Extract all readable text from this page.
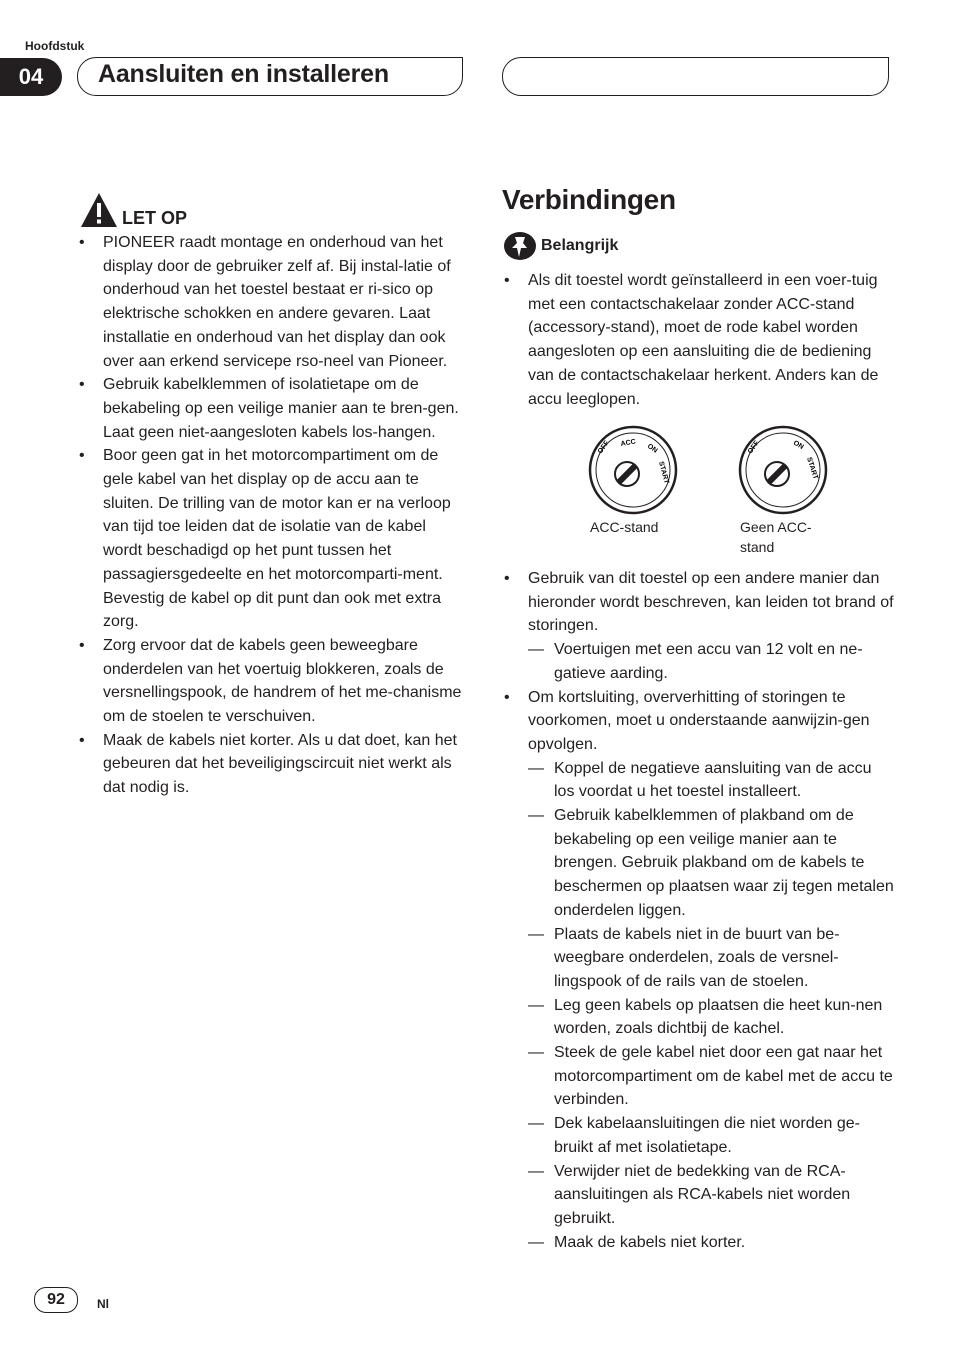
Hoofdstuk
04	Aansluiten en installeren
LET OP
•	PIONEER raadt montage en onderhoud van het display door de gebruiker zelf af. Bij instal-latie of onderhoud van het toestel bestaat er ri-sico op elektrische schokken en andere gevaren. Laat installatie en onderhoud van het display dan ook over aan erkend servicepe rso-neel van Pioneer.
•	Gebruik kabelklemmen of isolatietape om de bekabeling op een veilige manier aan te bren-gen. Laat geen niet-aangesloten kabels los-hangen.
•	Boor geen gat in het motorcompartiment om de gele kabel van het display op de accu aan te sluiten. De trilling van de motor kan er na verloop van tijd toe leiden dat de isolatie van de kabel wordt beschadigd op het punt tussen het passagiersgedeelte en het motorcomparti-ment. Bevestig de kabel op dit punt dan ook met extra zorg.
•	Zorg ervoor dat de kabels geen beweegbare onderdelen van het voertuig blokkeren, zoals de versnellingspook, de handrem of het me-chanisme om de stoelen te verschuiven.
•	Maak de kabels niet korter. Als u dat doet, kan het gebeuren dat het beveiligingscircuit niet werkt als dat nodig is.
Verbindingen
Belangrijk
•	Als dit toestel wordt geïnstalleerd in een voer-tuig met een contactschakelaar zonder ACC-stand (accessory-stand), moet de rode kabel worden aangesloten op een aansluiting die de bediening van de contactschakelaar herkent. Anders kan de accu leeglopen.
OFF ACC ON
START
OFF	ON
START
ACC-stand	Geen ACC-
stand
•	Gebruik van dit toestel op een andere manier dan hieronder wordt beschreven, kan leiden tot brand of storingen.
— Voertuigen met een accu van 12 volt en ne-gatieve aarding.
•	Om kortsluiting, oververhitting of storingen te voorkomen, moet u onderstaande aanwijzin-gen opvolgen.
— Koppel de negatieve aansluiting van de accu los voordat u het toestel installeert.
— Gebruik kabelklemmen of plakband om de bekabeling op een veilige manier aan te brengen. Gebruik plakband om de kabels te beschermen op plaatsen waar zij tegen metalen onderdelen liggen.
— Plaats de kabels niet in de buurt van be-weegbare onderdelen, zoals de versnel-lingspook of de rails van de stoelen.
— Leg geen kabels op plaatsen die heet kun-nen worden, zoals dichtbij de kachel.
— Steek de gele kabel niet door een gat naar het motorcompartiment om de kabel met de accu te verbinden.
— Dek kabelaansluitingen die niet worden ge-bruikt af met isolatietape.
— Verwijder niet de bedekking van de RCA-aansluitingen als RCA-kabels niet worden gebruikt.
— Maak de kabels niet korter.
92	Nl
